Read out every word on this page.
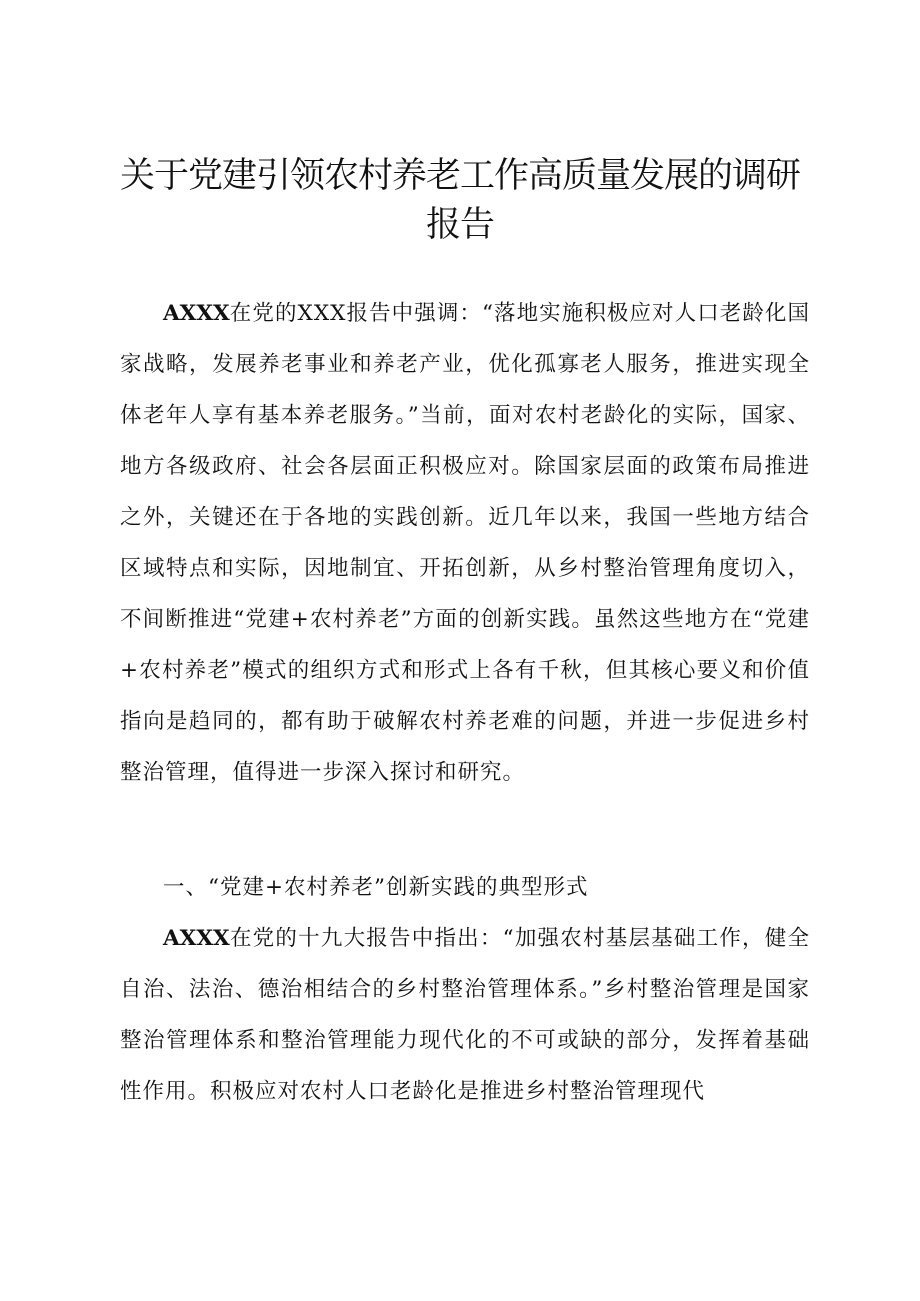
关于党建引领农村养老工作高质量发展的调研报告

AXXX在党的XXX报告中强调：“落地实施积极应对人口老龄化国家战略，发展养老事业和养老产业，优化孤寡老人服务，推进实现全体老年人享有基本养老服务。”当前，面对农村老龄化的实际，国家、地方各级政府、社会各层面正积极应对。除国家层面的政策布局推进之外，关键还在于各地的实践创新。近几年以来，我国一些地方结合区域特点和实际，因地制宜、开拓创新，从乡村整治管理角度切入，不间断推进“党建+农村养老”方面的创新实践。虽然这些地方在“党建+农村养老”模式的组织方式和形式上各有千秋，但其核心要义和价值指向是趋同的，都有助于破解农村养老难的问题，并进一步促进乡村整治管理，值得进一步深入探讨和研究。

一、“党建+农村养老”创新实践的典型形式

AXXX在党的十九大报告中指出：“加强农村基层基础工作，健全自治、法治、德治相结合的乡村整治管理体系。”乡村整治管理是国家整治管理体系和整治管理能力现代化的不可或缺的部分，发挥着基础性作用。积极应对农村人口老龄化是推进乡村整治管理现代
